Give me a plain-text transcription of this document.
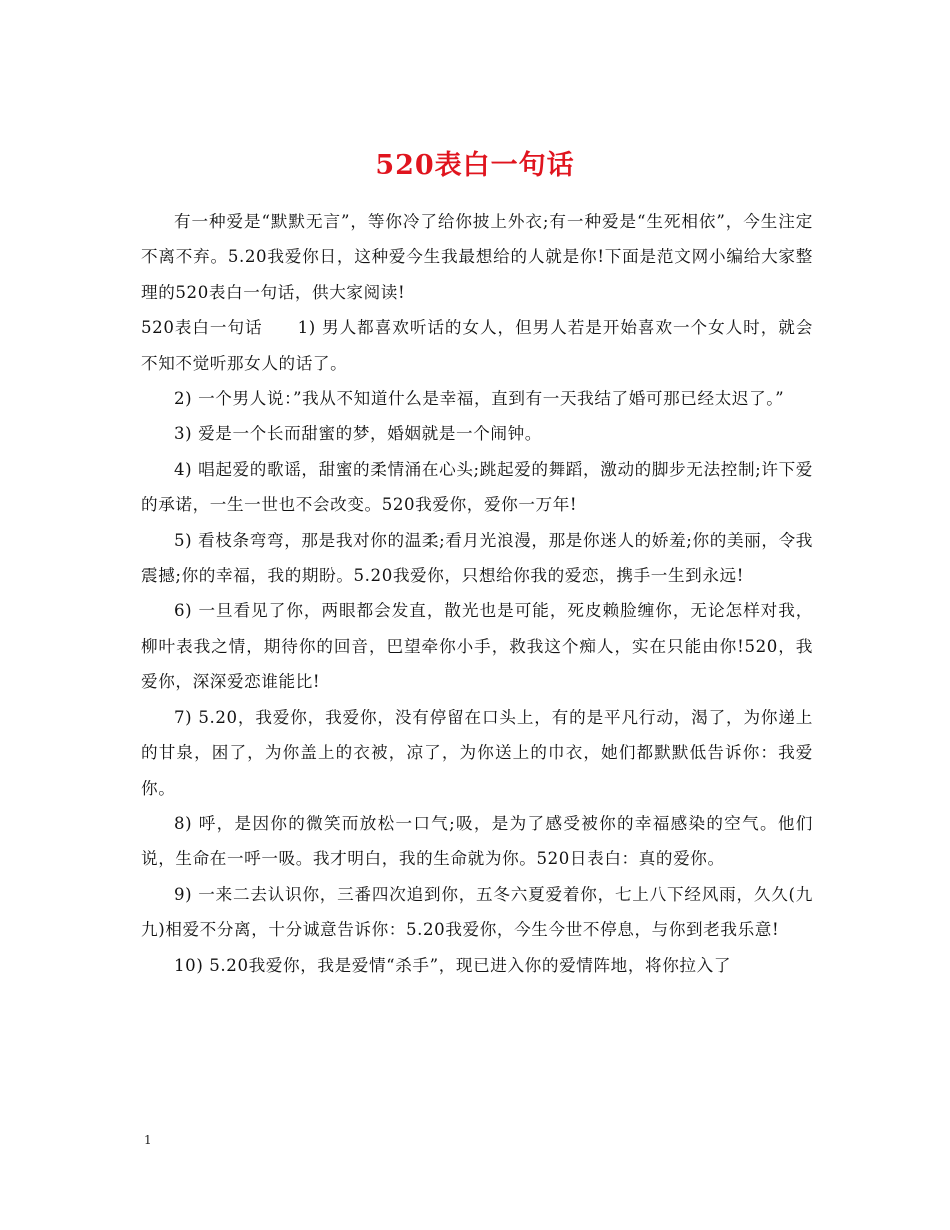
520表白一句话

有一种爱是“默默无言”，等你冷了给你披上外衣;有一种爱是“生死相依”，今生注定不离不弃。5.20我爱你日，这种爱今生我最想给的人就是你!下面是范文网小编给大家整理的520表白一句话，供大家阅读!

520表白一句话　　1) 男人都喜欢听话的女人，但男人若是开始喜欢一个女人时，就会不知不觉听那女人的话了。

2) 一个男人说：”我从不知道什么是幸福，直到有一天我结了婚可那已经太迟了。”

3) 爱是一个长而甜蜜的梦，婚姻就是一个闹钟。

4) 唱起爱的歌谣，甜蜜的柔情涌在心头;跳起爱的舞蹈，激动的脚步无法控制;许下爱的承诺，一生一世也不会改变。520我爱你，爱你一万年!

5) 看枝条弯弯，那是我对你的温柔;看月光浪漫，那是你迷人的娇羞;你的美丽，令我震撼;你的幸福，我的期盼。5.20我爱你，只想给你我的爱恋，携手一生到永远!

6) 一旦看见了你，两眼都会发直，散光也是可能，死皮赖脸缠你，无论怎样对我，柳叶表我之情，期待你的回音，巴望牵你小手，救我这个痴人，实在只能由你!520，我爱你，深深爱恋谁能比!

7) 5.20，我爱你，我爱你，没有停留在口头上，有的是平凡行动，渴了，为你递上的甘泉，困了，为你盖上的衣被，凉了，为你送上的巾衣，她们都默默低告诉你：我爱你。

8) 呼，是因你的微笑而放松一口气;吸，是为了感受被你的幸福感染的空气。他们说，生命在一呼一吸。我才明白，我的生命就为你。520日表白：真的爱你。

9) 一来二去认识你，三番四次追到你，五冬六夏爱着你，七上八下经风雨，久久(九九)相爱不分离，十分诚意告诉你：5.20我爱你，今生今世不停息，与你到老我乐意!

10) 5.20我爱你，我是爱情“杀手”，现已进入你的爱情阵地，将你拉入了

1
